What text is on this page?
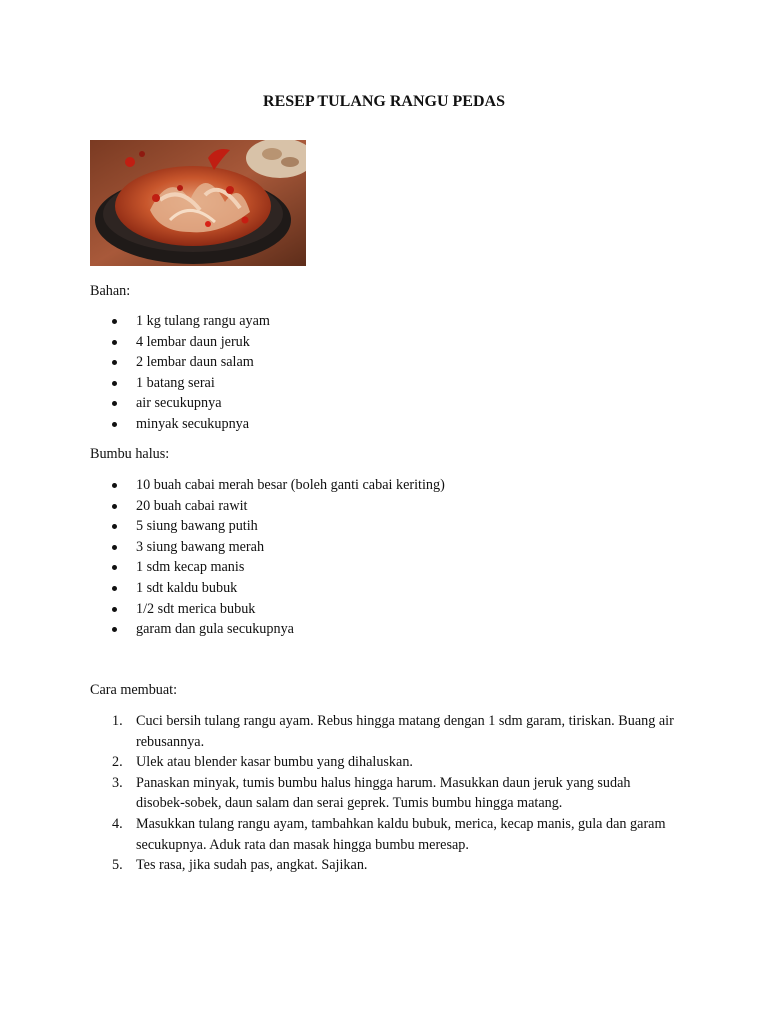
RESEP TULANG RANGU PEDAS

Bahan:

1 kg tulang rangu ayam
4 lembar daun jeruk
2 lembar daun salam
1 batang serai
air secukupnya
minyak secukupnya

Bumbu halus:

10 buah cabai merah besar (boleh ganti cabai keriting)
20 buah cabai rawit
5 siung bawang putih
3 siung bawang merah
1 sdm kecap manis
1 sdt kaldu bubuk
1/2 sdt merica bubuk
garam dan gula secukupnya

Cara membuat:

1. Cuci bersih tulang rangu ayam. Rebus hingga matang dengan 1 sdm garam, tiriskan. Buang air rebusannya.
2. Ulek atau blender kasar bumbu yang dihaluskan.
3. Panaskan minyak, tumis bumbu halus hingga harum. Masukkan daun jeruk yang sudah disobek-sobek, daun salam dan serai geprek. Tumis bumbu hingga matang.
4. Masukkan tulang rangu ayam, tambahkan kaldu bubuk, merica, kecap manis, gula dan garam secukupnya. Aduk rata dan masak hingga bumbu meresap.
5. Tes rasa, jika sudah pas, angkat. Sajikan.
